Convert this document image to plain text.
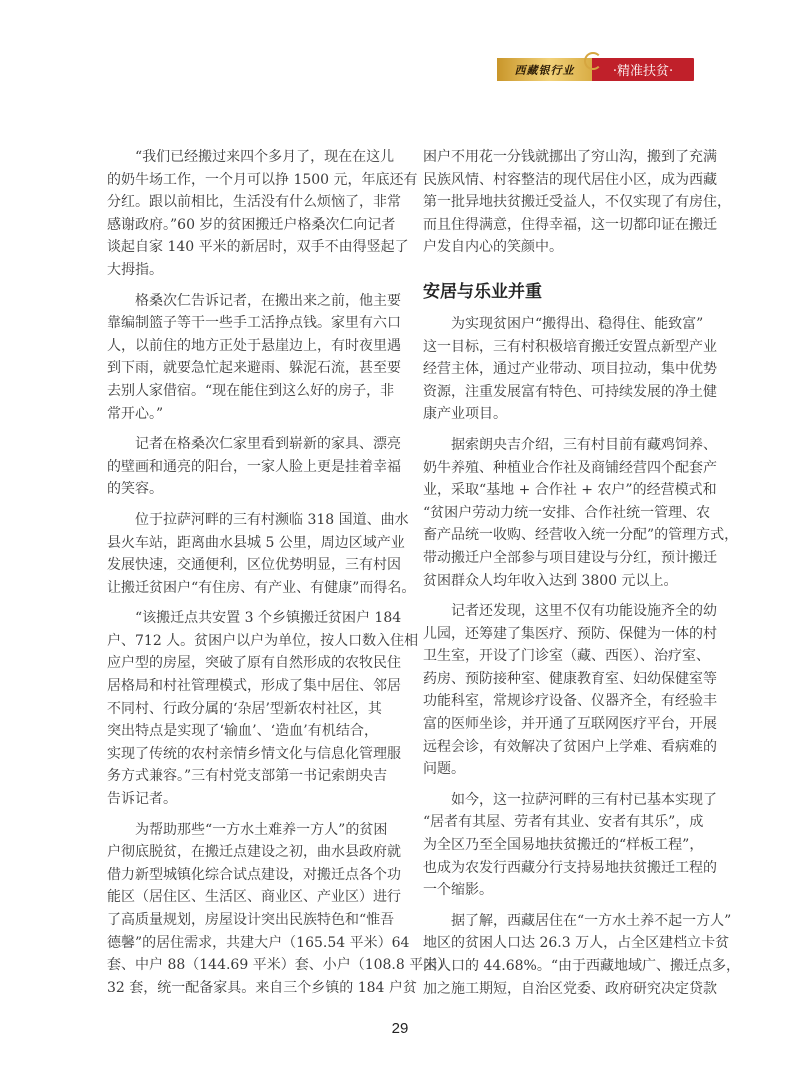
西藏银行业	·精准扶贫·
“我们已经搬过来四个多月了，现在在这儿
的奶牛场工作，一个月可以挣 1500 元，年底还有
分红。跟以前相比，生活没有什么烦恼了，非常
感谢政府。”60 岁的贫困搬迁户格桑次仁向记者
谈起自家 140 平米的新居时，双手不由得竖起了
大拇指。
格桑次仁告诉记者，在搬出来之前，他主要
靠编制篮子等干一些手工活挣点钱。家里有六口
人，以前住的地方正处于悬崖边上，有时夜里遇
到下雨，就要急忙起来避雨、躲泥石流，甚至要
去别人家借宿。“现在能住到这么好的房子，非
常开心。”
记者在格桑次仁家里看到崭新的家具、漂亮
的壁画和通亮的阳台，一家人脸上更是挂着幸福
的笑容。
位于拉萨河畔的三有村濒临 318 国道、曲水
县火车站，距离曲水县城 5 公里，周边区域产业
发展快速，交通便利，区位优势明显，三有村因
让搬迁贫困户“有住房、有产业、有健康”而得名。
“该搬迁点共安置 3 个乡镇搬迁贫困户 184
户、712 人。贫困户以户为单位，按人口数入住相
应户型的房屋，突破了原有自然形成的农牧民住
居格局和村社管理模式，形成了集中居住、邻居
不同村、行政分属的‘杂居’型新农村社区，其
突出特点是实现了‘输血’、‘造血’有机结合，
实现了传统的农村亲情乡情文化与信息化管理服
务方式兼容。”三有村党支部第一书记索朗央吉
告诉记者。
为帮助那些“一方水土难养一方人”的贫困
户彻底脱贫，在搬迁点建设之初，曲水县政府就
借力新型城镇化综合试点建设，对搬迁点各个功
能区（居住区、生活区、商业区、产业区）进行
了高质量规划，房屋设计突出民族特色和“惟吾
德馨”的居住需求，共建大户（165.54 平米）64
套、中户 88（144.69 平米）套、小户（108.8 平米）
32 套，统一配备家具。来自三个乡镇的 184 户贫
困户不用花一分钱就挪出了穷山沟，搬到了充满
民族风情、村容整洁的现代居住小区，成为西藏
第一批异地扶贫搬迁受益人，不仅实现了有房住，
而且住得满意，住得幸福，这一切都印证在搬迁
户发自内心的笑颜中。
安居与乐业并重
为实现贫困户“搬得出、稳得住、能致富”
这一目标，三有村积极培育搬迁安置点新型产业
经营主体，通过产业带动、项目拉动，集中优势
资源，注重发展富有特色、可持续发展的净土健
康产业项目。
据索朗央吉介绍，三有村目前有藏鸡饲养、
奶牛养殖、种植业合作社及商铺经营四个配套产
业，采取“基地 + 合作社 + 农户”的经营模式和
“贫困户劳动力统一安排、合作社统一管理、农
畜产品统一收购、经营收入统一分配”的管理方式，
带动搬迁户全部参与项目建设与分红，预计搬迁
贫困群众人均年收入达到 3800 元以上。
记者还发现，这里不仅有功能设施齐全的幼
儿园，还筹建了集医疗、预防、保健为一体的村
卫生室，开设了门诊室（藏、西医）、治疗室、
药房、预防接种室、健康教育室、妇幼保健室等
功能科室，常规诊疗设备、仪器齐全，有经验丰
富的医师坐诊，并开通了互联网医疗平台，开展
远程会诊，有效解决了贫困户上学难、看病难的
问题。
如今，这一拉萨河畔的三有村已基本实现了
“居者有其屋、劳者有其业、安者有其乐”，成
为全区乃至全国易地扶贫搬迁的“样板工程”，
也成为农发行西藏分行支持易地扶贫搬迁工程的
一个缩影。
据了解，西藏居住在“一方水土养不起一方人”
地区的贫困人口达 26.3 万人，占全区建档立卡贫
困人口的 44.68%。“由于西藏地域广、搬迁点多，
加之施工期短，自治区党委、政府研究决定贷款
29
